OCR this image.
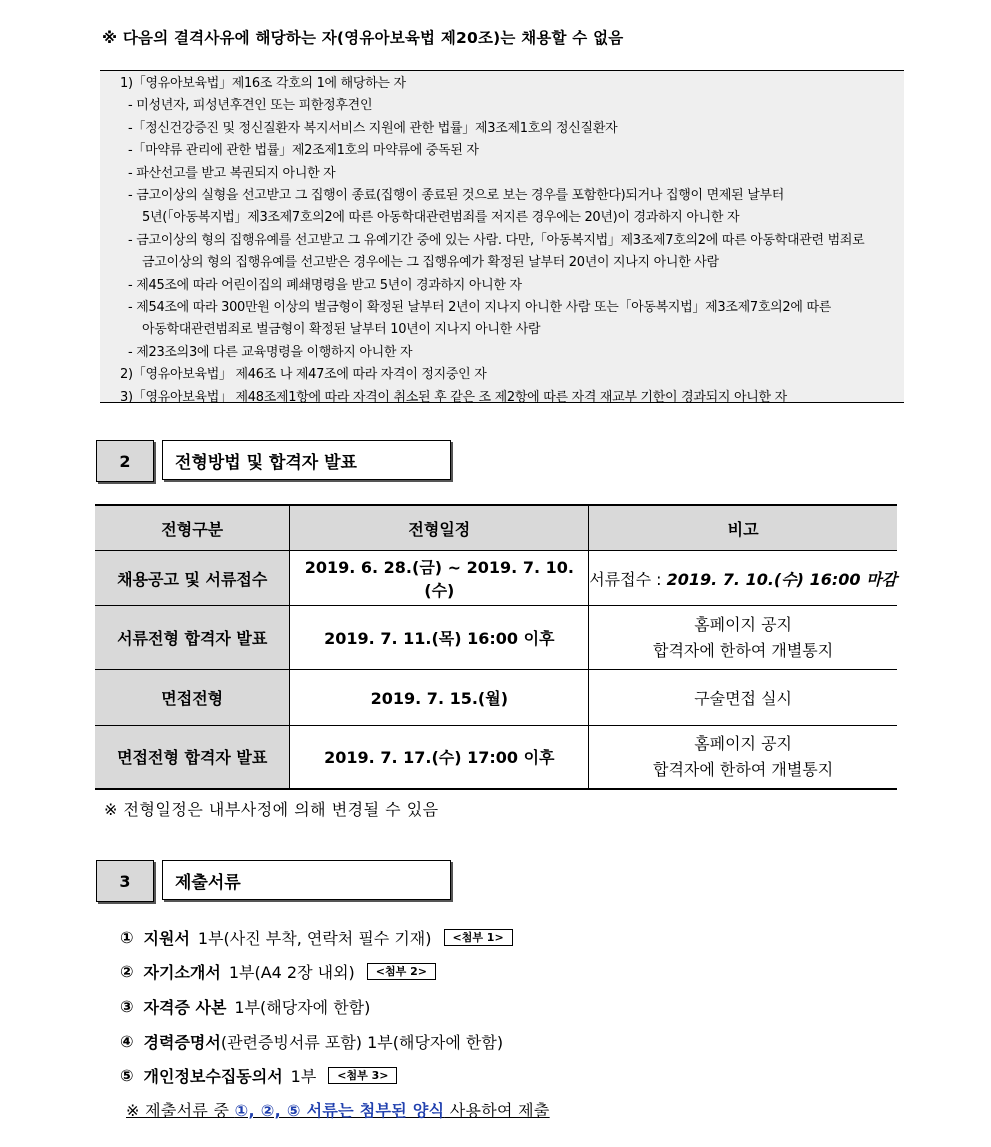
※ 다음의 결격사유에 해당하는 자(영유아보육법 제20조)는 채용할 수 없음
1)「영유아보육법」제16조 각호의 1에 해당하는 자
- 미성년자, 피성년후견인 또는 피한정후견인
-「정신건강증진 및 정신질환자 복지서비스 지원에 관한 법률」제3조제1호의 정신질환자
-「마약류 관리에 관한 법률」제2조제1호의 마약류에 중독된 자
- 파산선고를 받고 복권되지 아니한 자
- 금고이상의 실형을 선고받고 그 집행이 종료(집행이 종료된 것으로 보는 경우를 포함한다)되거나 집행이 면제된 날부터
5년(「아동복지법」제3조제7호의2에 따른 아동학대관련범죄를 저지른 경우에는 20년)이 경과하지 아니한 자
- 금고이상의 형의 집행유예를 선고받고 그 유예기간 중에 있는 사람. 다만,「아동복지법」제3조제7호의2에 따른 아동학대관련 범죄로
금고이상의 형의 집행유예를 선고받은 경우에는 그 집행유예가 확정된 날부터 20년이 지나지 아니한 사람
- 제45조에 따라 어린이집의 폐쇄명령을 받고 5년이 경과하지 아니한 자
- 제54조에 따라 300만원 이상의 벌금형이 확정된 날부터 2년이 지나지 아니한 사람 또는「아동복지법」제3조제7호의2에 따른
아동학대관련범죄로 벌금형이 확정된 날부터 10년이 지나지 아니한 사람
- 제23조의3에 다른 교육명령을 이행하지 아니한 자
2)「영유아보육법」 제46조 나 제47조에 따라 자격이 정지중인 자
3)「영유아보육법」 제48조제1항에 따라 자격이 취소된 후 같은 조 제2항에 따른 자격 재교부 기한이 경과되지 아니한 자
2	전형방법 및 합격자 발표
전형구분	전형일정	비고
채용공고 및 서류접수	2019. 6. 28.(금) ~ 2019. 7. 10.(수)	서류접수 : 2019. 7. 10.(수) 16:00 마감
서류전형 합격자 발표	2019. 7. 11.(목) 16:00 이후	홈페이지 공지
합격자에 한하여 개별통지

면접전형	2019. 7. 15.(월)	구술면접 실시
면접전형 합격자 발표	2019. 7. 17.(수) 17:00 이후	홈페이지 공지
합격자에 한하여 개별통지
※ 전형일정은 내부사정에 의해 변경될 수 있음
3	제출서류
① 지원서 1부(사진 부착, 연락처 필수 기재)	<첨부 1>
② 자기소개서 1부(A4 2장 내외)	<첨부 2>
③ 자격증 사본 1부(해당자에 한함)
④ 경력증명서 (관련증빙서류 포함) 1부(해당자에 한함)
⑤ 개인정보수집동의서 1부	<첨부 3>
※ 제출서류 중 ①, ②, ⑤ 서류는 첨부된 양식 사용하여 제출
